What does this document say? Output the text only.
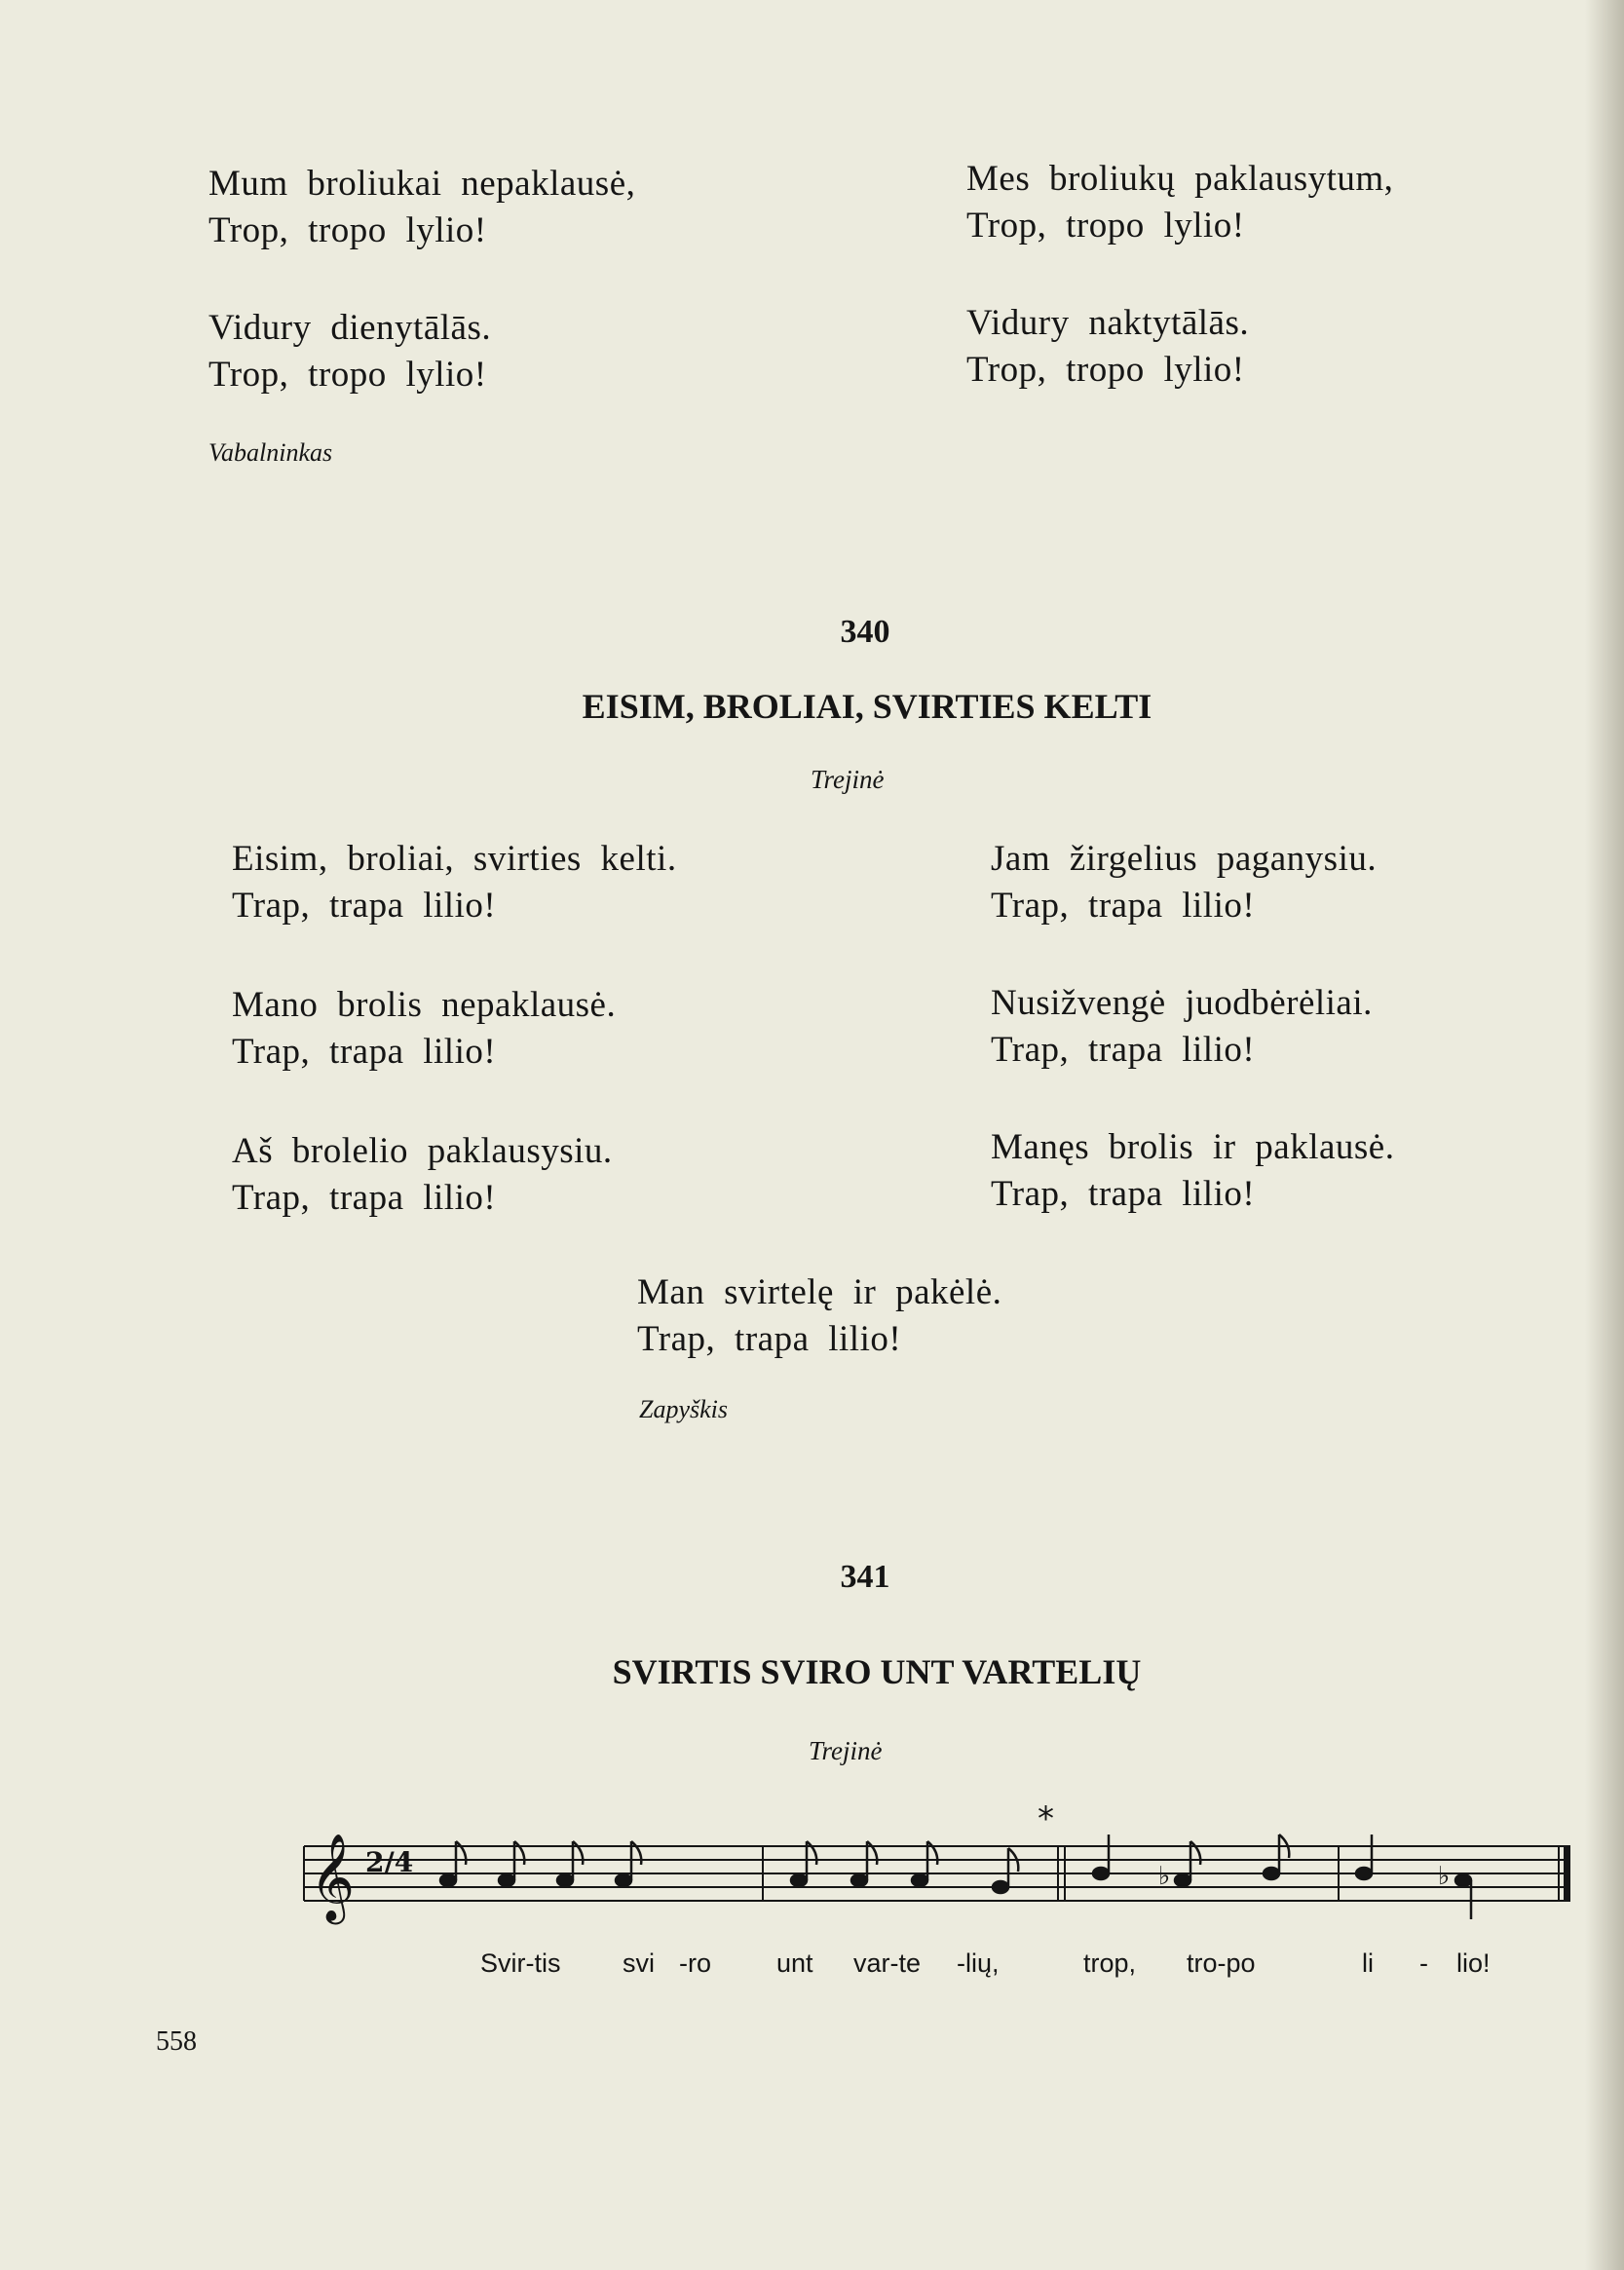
Mum broliukai nepaklausė,
Trop, tropo lylio!
Vidury dienytālās.
Trop, tropo lylio!
Mes broliukų paklausytum,
Trop, tropo lylio!
Vidury naktytālās.
Trop, tropo lylio!
Vabalninkas
340
EISIM, BROLIAI, SVIRTIES KELTI
Trejinė
Eisim, broliai, svirties kelti.
Trap, trapa lilio!
Mano brolis nepaklausė.
Trap, trapa lilio!
Aš brolelio paklausysiu.
Trap, trapa lilio!
Jam žirgelius paganysiu.
Trap, trapa lilio!
Nusižvengė juodbėrėliai.
Trap, trapa lilio!
Manęs brolis ir paklausė.
Trap, trapa lilio!
Man svirtelę ir pakėlė.
Trap, trapa lilio!
Zapyškis
341
SVIRTIS SVIRO UNT VARTELIŲ
Trejinė
𝄞 2/4
*
♭	♭
Svir-tis svi -ro unt var-te -lių,	trop, tro-po	li - lio!
558
